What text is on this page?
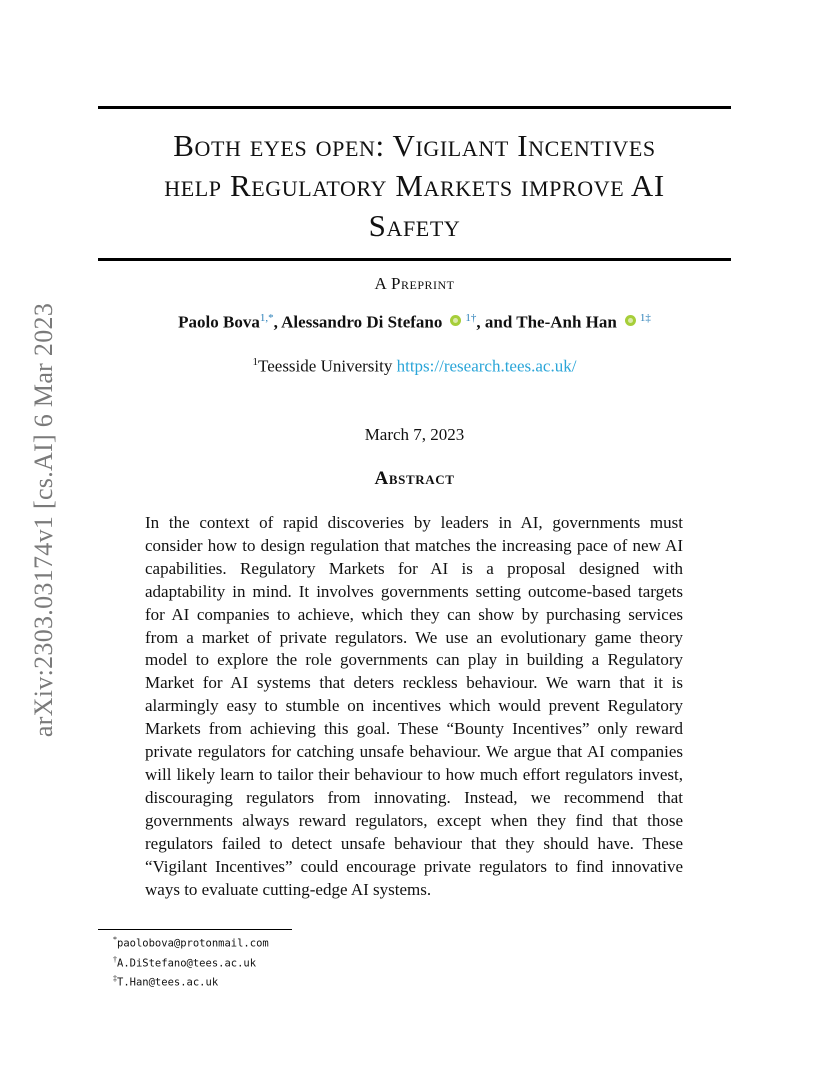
arXiv:2303.03174v1 [cs.AI] 6 Mar 2023
Both eyes open: Vigilant Incentives
help Regulatory Markets improve AI
Safety
A Preprint
Paolo Bova$^{1,*}$, Alessandro Di Stefano $^{1\dagger}$, and The-Anh Han $^{1\ddagger}$
$^1$Teesside University https://research.tees.ac.uk/
March 7, 2023
Abstract
In the context of rapid discoveries by leaders in AI, governments must consider how to design regulation that matches the increasing pace of new AI capabilities. Regulatory Markets for AI is a proposal designed with adaptability in mind. It involves governments setting outcome-based targets for AI companies to achieve, which they can show by purchasing services from a market of private regulators. We use an evolutionary game theory model to explore the role governments can play in building a Regulatory Market for AI systems that deters reckless behaviour. We warn that it is alarmingly easy to stumble on incentives which would prevent Regulatory Markets from achieving this goal. These “Bounty Incentives” only reward private regulators for catching unsafe behaviour. We argue that AI companies will likely learn to tailor their behaviour to how much effort regulators invest, discouraging regulators from innovating. Instead, we recommend that governments always reward regulators, except when they find that those regulators failed to detect unsafe behaviour that they should have. These “Vigilant Incentives” could encourage private regulators to find innovative ways to evaluate cutting-edge AI systems.
*paolobova@protonmail.com
†A.DiStefano@tees.ac.uk
‡T.Han@tees.ac.uk
